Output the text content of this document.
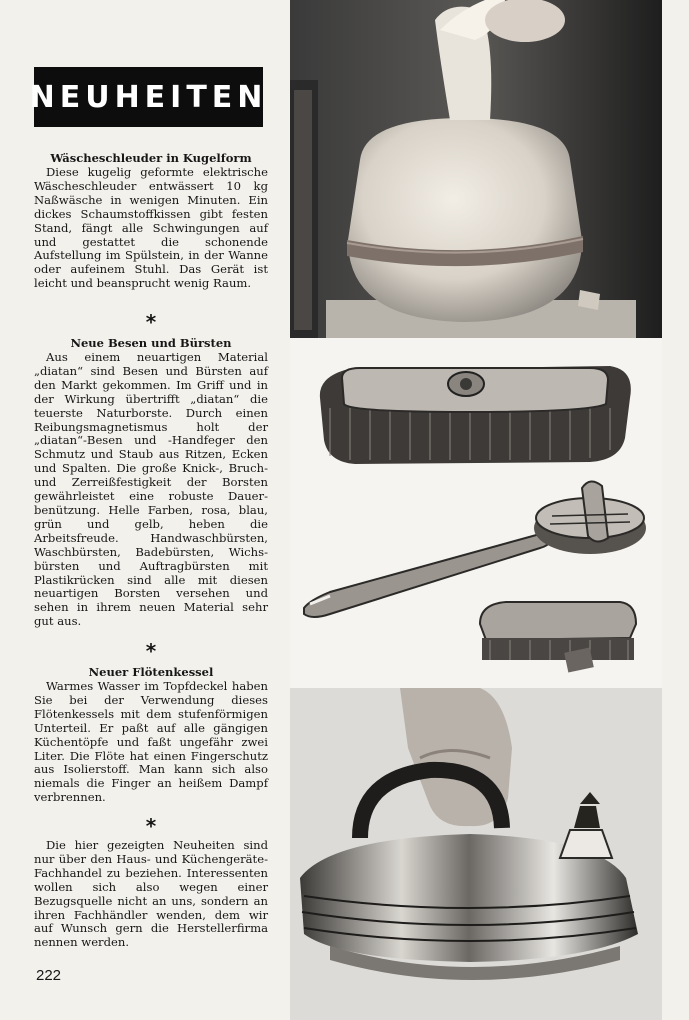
NEUHEITEN

Wäscheschleuder in Kugelform

Diese kugelig geformte elektrische Wäscheschleuder entwässert 10 kg Naßwäsche in wenigen Minuten. Ein dickes Schaumstoffkissen gibt festen Stand, fängt alle Schwingungen auf und gestattet die schonende Aufstellung im Spülstein, in der Wanne oder aufeinem Stuhl. Das Gerät ist leicht und beansprucht wenig Raum.

*

Neue Besen und Bürsten

Aus einem neuartigen Material „diatan“ sind Besen und Bürsten auf den Markt gekommen. Im Griff und in der Wirkung übertrifft „diatan“ die teuerste Naturborste. Durch einen Reibungsmagnetismus holt der „diatan“-Besen und -Handfeger den Schmutz und Staub aus Ritzen, Ecken und Spalten. Die große Knick-, Bruch- und Zerreißfestigkeit der Borsten gewährleistet eine robuste Dauerbenützung. Helle Farben, rosa, blau, grün und gelb, heben die Arbeitsfreude. Handwaschbürsten, Waschbürsten, Badebürsten, Wichsbürsten und Auftragbürsten mit Plastikrücken sind alle mit diesen neuartigen Borsten versehen und sehen in ihrem neuen Material sehr gut aus.

*

Neuer Flötenkessel

Warmes Wasser im Topfdeckel haben Sie bei der Verwendung dieses Flötenkessels mit dem stufenförmigen Unterteil. Er paßt auf alle gängigen Küchentöpfe und faßt ungefähr zwei Liter. Die Flöte hat einen Fingerschutz aus Isolierstoff. Man kann sich also niemals die Finger an heißem Dampf verbrennen.

*

Die hier gezeigten Neuheiten sind nur über den Haus- und Küchengeräte-Fachhandel zu beziehen. Interessenten wollen sich also wegen einer Bezugsquelle nicht an uns, sondern an ihren Fachhändler wenden, dem wir auf Wunsch gern die Herstellerfirma nennen werden.

222
